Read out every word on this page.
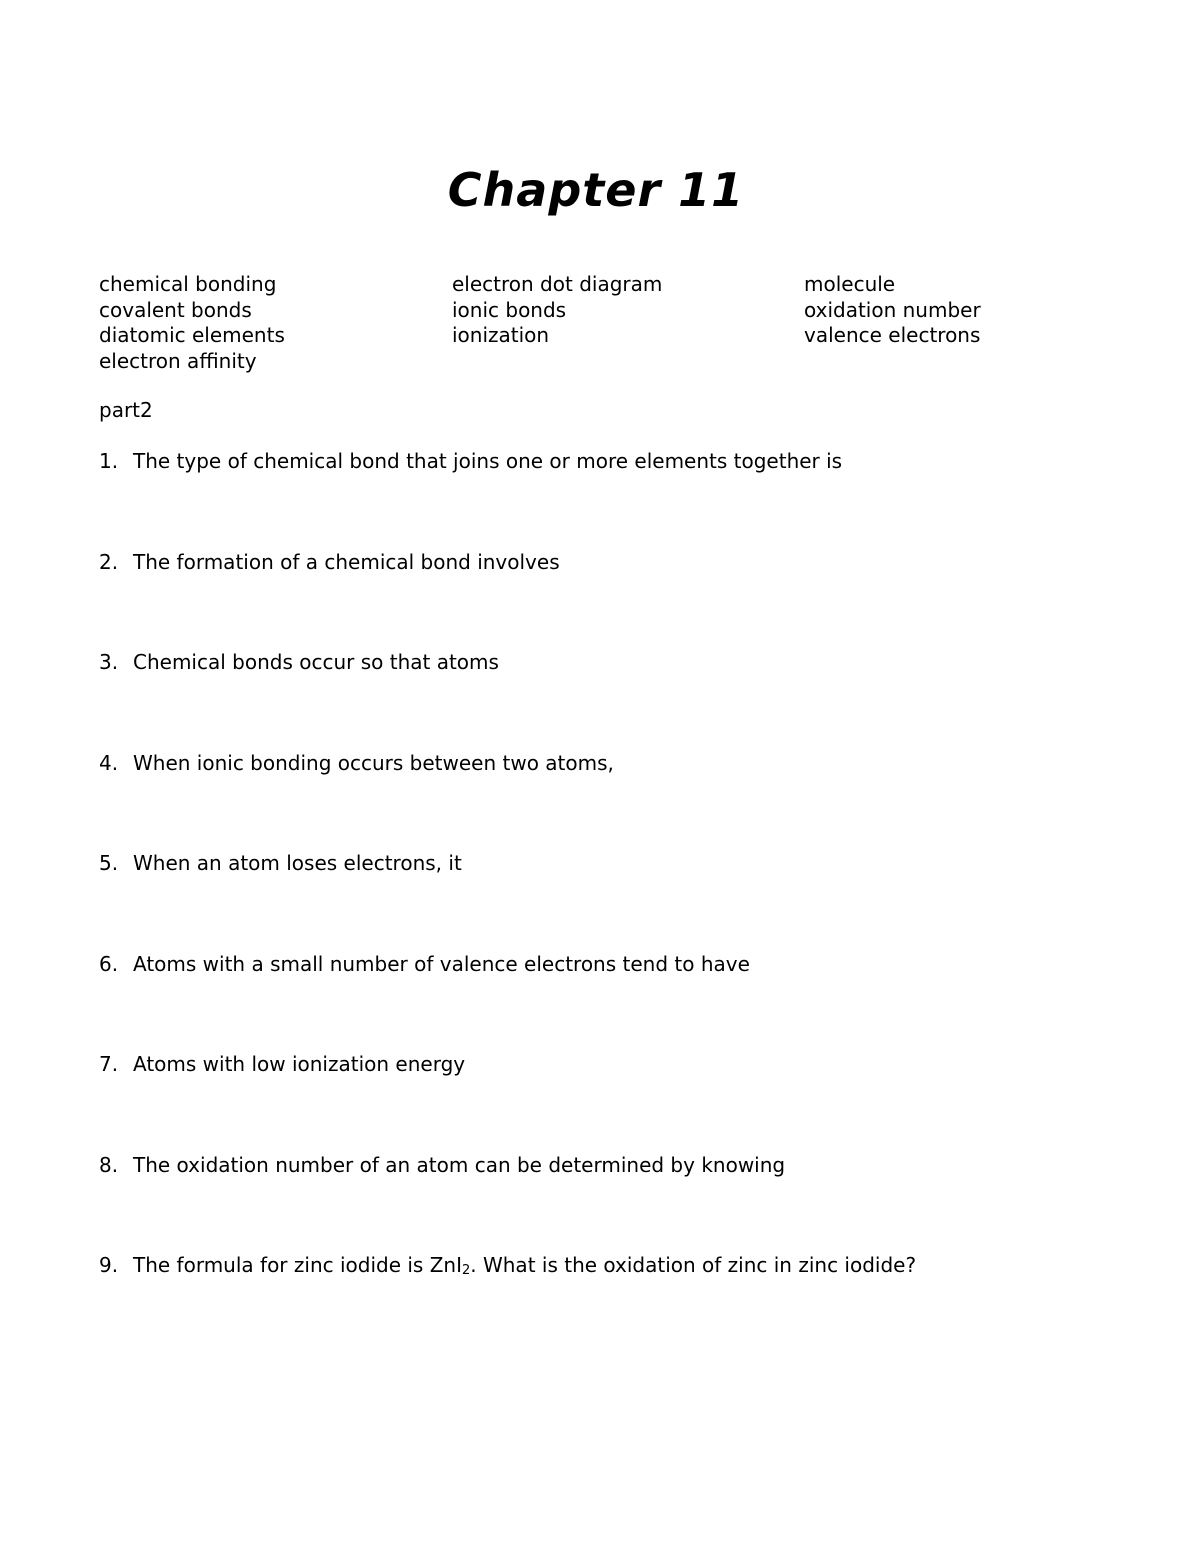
Chapter 11
chemical bonding
covalent bonds
diatomic elements
electron affinity
electron dot diagram
ionic bonds
ionization
molecule
oxidation number
valence electrons

part2

1. The type of chemical bond that joins one or more elements together is
2. The formation of a chemical bond involves
3. Chemical bonds occur so that atoms
4. When ionic bonding occurs between two atoms,
5. When an atom loses electrons, it
6. Atoms with a small number of valence electrons tend to have
7. Atoms with low ionization energy
8. The oxidation number of an atom can be determined by knowing
9. The formula for zinc iodide is ZnI$_2$. What is the oxidation of zinc in zinc iodide?
